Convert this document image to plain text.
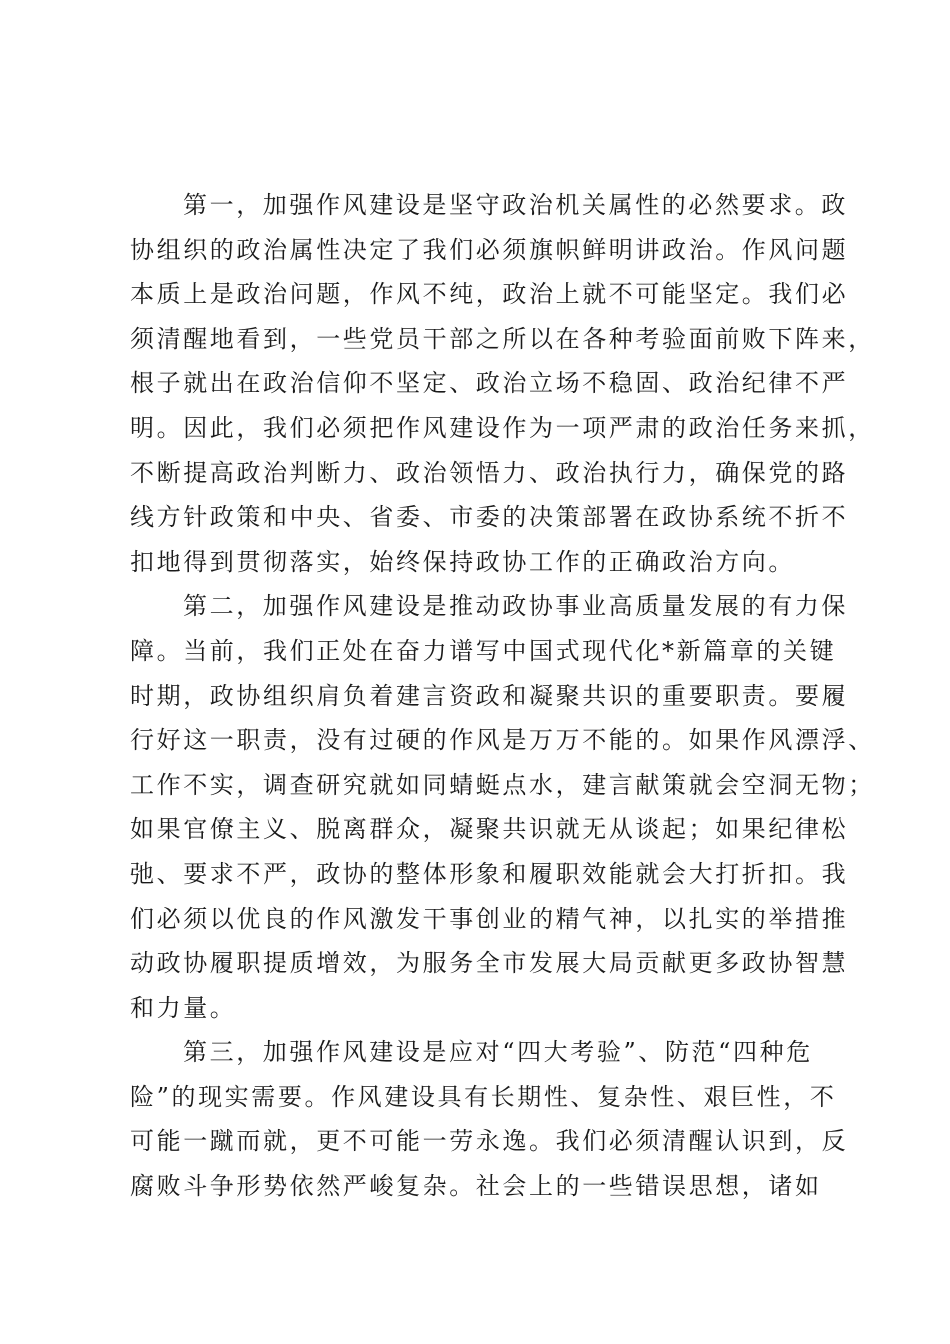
第一，加强作风建设是坚守政治机关属性的必然要求。政
协组织的政治属性决定了我们必须旗帜鲜明讲政治。作风问题
本质上是政治问题，作风不纯，政治上就不可能坚定。我们必
须清醒地看到，一些党员干部之所以在各种考验面前败下阵来，
根子就出在政治信仰不坚定、政治立场不稳固、政治纪律不严
明。因此，我们必须把作风建设作为一项严肃的政治任务来抓，
不断提高政治判断力、政治领悟力、政治执行力，确保党的路
线方针政策和中央、省委、市委的决策部署在政协系统不折不
扣地得到贯彻落实，始终保持政协工作的正确政治方向。
第二，加强作风建设是推动政协事业高质量发展的有力保
障。当前，我们正处在奋力谱写中国式现代化*新篇章的关键
时期，政协组织肩负着建言资政和凝聚共识的重要职责。要履
行好这一职责，没有过硬的作风是万万不能的。如果作风漂浮、
工作不实，调查研究就如同蜻蜓点水，建言献策就会空洞无物；
如果官僚主义、脱离群众，凝聚共识就无从谈起；如果纪律松
弛、要求不严，政协的整体形象和履职效能就会大打折扣。我
们必须以优良的作风激发干事创业的精气神，以扎实的举措推
动政协履职提质增效，为服务全市发展大局贡献更多政协智慧
和力量。
第三，加强作风建设是应对“四大考验”、防范“四种危
险”的现实需要。作风建设具有长期性、复杂性、艰巨性，不
可能一蹴而就，更不可能一劳永逸。我们必须清醒认识到，反
腐败斗争形势依然严峻复杂。社会上的一些错误思想，诸如
